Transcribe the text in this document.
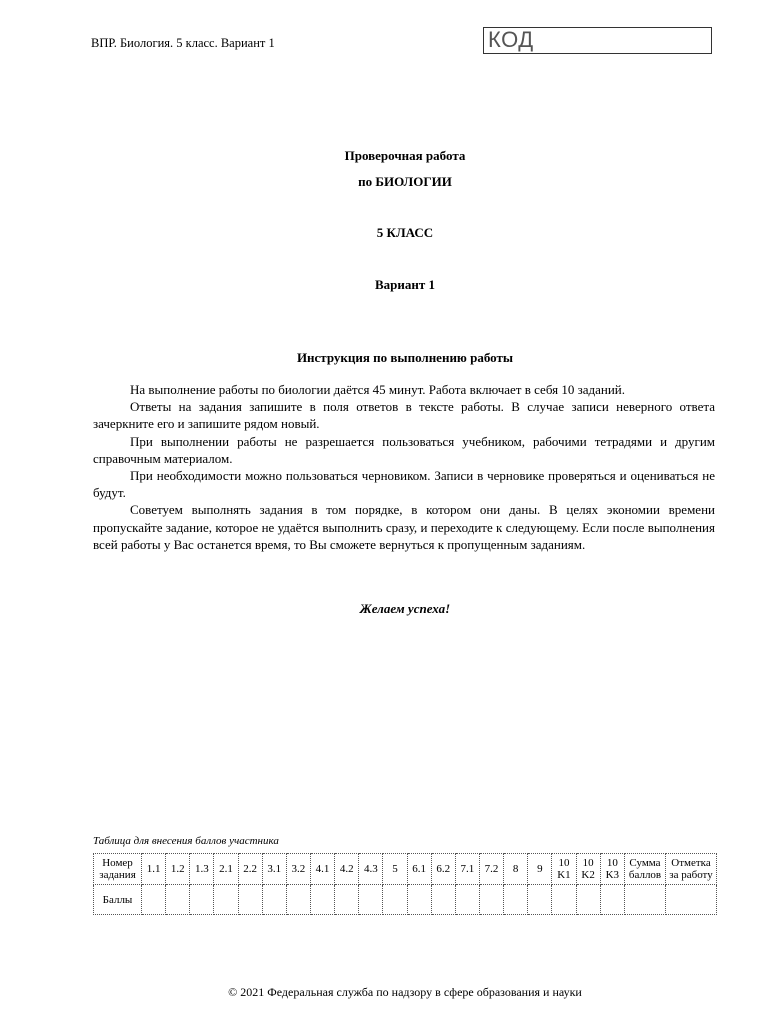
ВПР. Биология. 5 класс. Вариант 1	КОД
Проверочная работа
по БИОЛОГИИ
5 КЛАСС
Вариант 1
Инструкция по выполнению работы

На выполнение работы по биологии даётся 45 минут. Работа включает в себя 10 заданий.

Ответы на задания запишите в поля ответов в тексте работы. В случае записи неверного ответа зачеркните его и запишите рядом новый.

При выполнении работы не разрешается пользоваться учебником, рабочими тетрадями и другим справочным материалом.

При необходимости можно пользоваться черновиком. Записи в черновике проверяться и оцениваться не будут.

Советуем выполнять задания в том порядке, в котором они даны. В целях экономии времени пропускайте задание, которое не удаётся выполнить сразу, и переходите к следующему. Если после выполнения всей работы у Вас останется время, то Вы сможете вернуться к пропущенным заданиям.

Желаем успеха!
Таблица для внесения баллов участника
Номер задания	1.1	1.2	1.3	2.1	2.2	3.1	3.2	4.1	4.2	4.3	5	6.1	6.2	7.1	7.2	8	9	10 K1	10 K2	10 K3	Сумма баллов	Отметка за работу
Баллы																						
© 2021 Федеральная служба по надзору в сфере образования и науки
